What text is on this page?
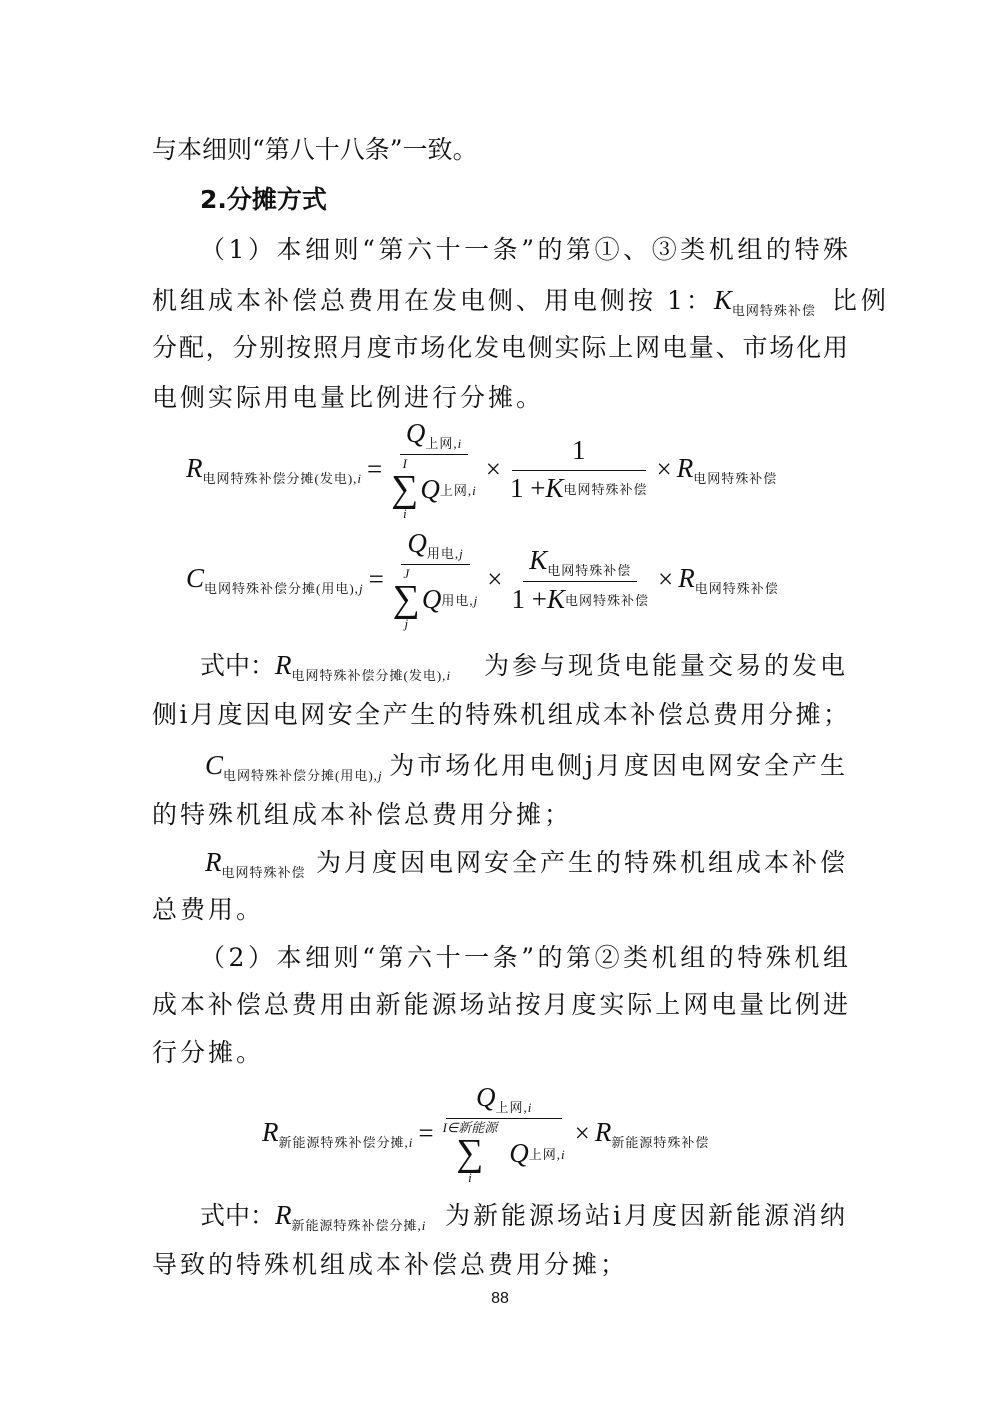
与本细则“第八十八条”一致。
2.分摊方式
（1）本细则“第六十一条”的第①、③类机组的特殊
机组成本补偿总费用在发电侧、用电侧按 1： $K_{电网特殊补偿}$ 比例
分配，分别按照月度市场化发电侧实际上网电量、市场化用
电侧实际用电量比例进行分摊。
$R_{电网特殊补偿分摊(发电),i} = Q_{上网,i}$
I
∑
i
Q 上网$,i \times \frac{1}{\text{1 + K 电网特殊补偿}} \times R_{电网特殊补偿}$
$C_{电网特殊补偿分摊(用电),j} = Q_{用电,j}$
J
∑
j
Q 用电$,j \times \frac{K_{电网特殊补偿}}{\text{1 + K 电网特殊补偿}} \times R_{电网特殊补偿}$
式中：$R_{电网特殊补偿分摊(发电),i}$ 为参与现货电能量交易的发电
侧i月度因电网安全产生的特殊机组成本补偿总费用分摊；
$C_{电网特殊补偿分摊(用电),j}$ 为市场化用电侧j月度因电网安全产生
的特殊机组成本补偿总费用分摊；
$R_{电网特殊补偿}$ 为月度因电网安全产生的特殊机组成本补偿
总费用。
（2）本细则“第六十一条”的第②类机组的特殊机组
成本补偿总费用由新能源场站按月度实际上网电量比例进
行分摊。
$R_{新能源特殊补偿分摊,i} = Q_{上网,i}$
I∈新能源
∑
i
Q 上网$,i \times R_{新能源特殊补偿}$
式中：$R_{新能源特殊补偿分摊,i}$ 为新能源场站i月度因新能源消纳
导致的特殊机组成本补偿总费用分摊；
88
